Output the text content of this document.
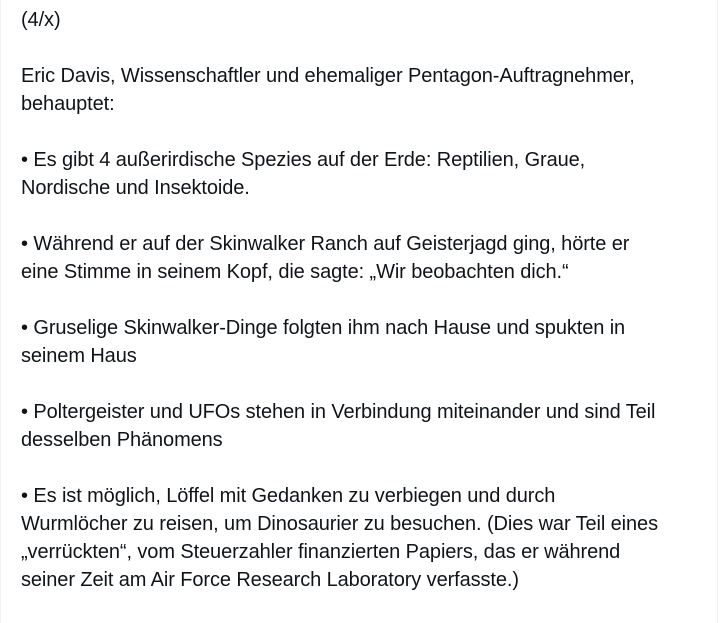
(4/x)

Eric Davis, Wissenschaftler und ehemaliger Pentagon-Auftragnehmer,
behauptet:

• Es gibt 4 außerirdische Spezies auf der Erde: Reptilien, Graue,
Nordische und Insektoide.

• Während er auf der Skinwalker Ranch auf Geisterjagd ging, hörte er
eine Stimme in seinem Kopf, die sagte: „Wir beobachten dich.“

• Gruselige Skinwalker-Dinge folgten ihm nach Hause und spukten in
seinem Haus

• Poltergeister und UFOs stehen in Verbindung miteinander und sind Teil
desselben Phänomens

• Es ist möglich, Löffel mit Gedanken zu verbiegen und durch
Wurmlöcher zu reisen, um Dinosaurier zu besuchen. (Dies war Teil eines
„verrückten“, vom Steuerzahler finanzierten Papiers, das er während
seiner Zeit am Air Force Research Laboratory verfasste.)
